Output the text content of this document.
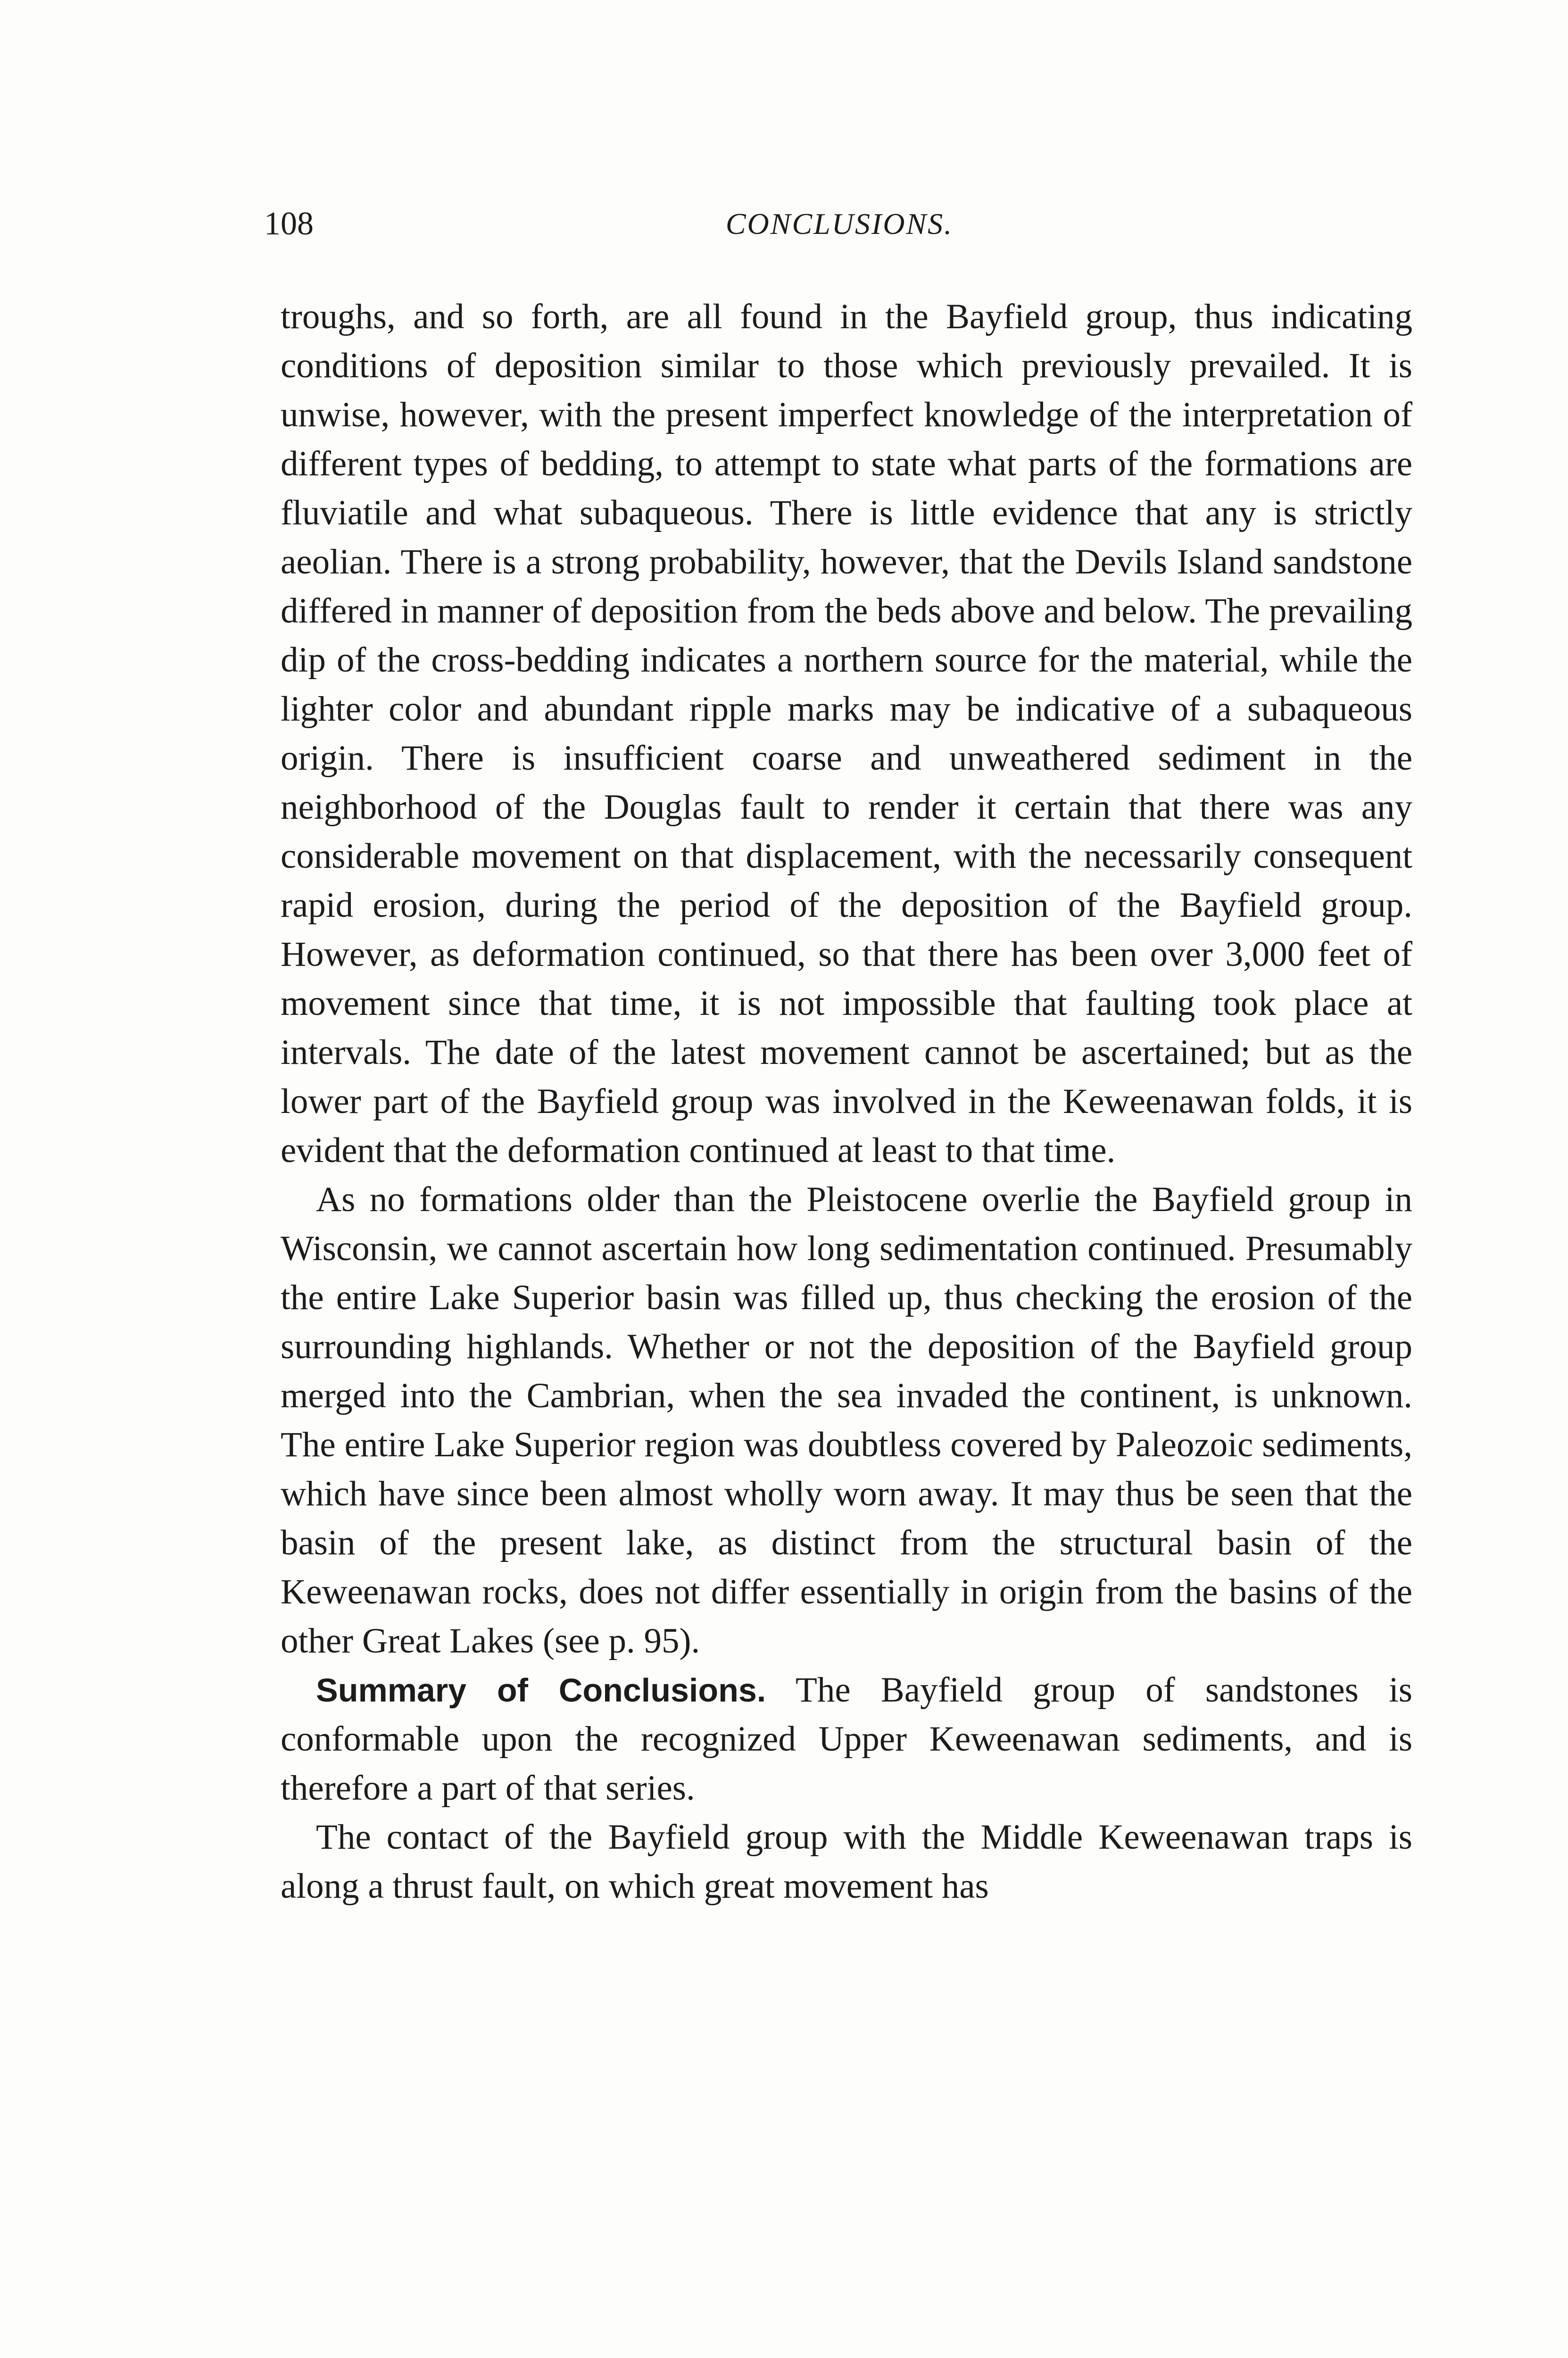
108	CONCLUSIONS.

troughs, and so forth, are all found in the Bayfield group, thus indicating conditions of deposition similar to those which previously prevailed. It is unwise, however, with the present imperfect knowledge of the interpretation of different types of bedding, to attempt to state what parts of the formations are fluviatile and what subaqueous. There is little evidence that any is strictly aeolian. There is a strong probability, however, that the Devils Island sandstone differed in manner of deposition from the beds above and below. The prevailing dip of the cross-bedding indicates a northern source for the material, while the lighter color and abundant ripple marks may be indicative of a subaqueous origin. There is insufficient coarse and unweathered sediment in the neighborhood of the Douglas fault to render it certain that there was any considerable movement on that displacement, with the necessarily consequent rapid erosion, during the period of the deposition of the Bayfield group. However, as deformation continued, so that there has been over 3,000 feet of movement since that time, it is not impossible that faulting took place at intervals. The date of the latest movement cannot be ascertained; but as the lower part of the Bayfield group was involved in the Keweenawan folds, it is evident that the deformation continued at least to that time.

As no formations older than the Pleistocene overlie the Bayfield group in Wisconsin, we cannot ascertain how long sedimentation continued. Presumably the entire Lake Superior basin was filled up, thus checking the erosion of the surrounding highlands. Whether or not the deposition of the Bayfield group merged into the Cambrian, when the sea invaded the continent, is unknown. The entire Lake Superior region was doubtless covered by Paleozoic sediments, which have since been almost wholly worn away. It may thus be seen that the basin of the present lake, as distinct from the structural basin of the Keweenawan rocks, does not differ essentially in origin from the basins of the other Great Lakes (see p. 95).

Summary of Conclusions. The Bayfield group of sandstones is conformable upon the recognized Upper Keweenawan sediments, and is therefore a part of that series.

The contact of the Bayfield group with the Middle Keweenawan traps is along a thrust fault, on which great movement has
